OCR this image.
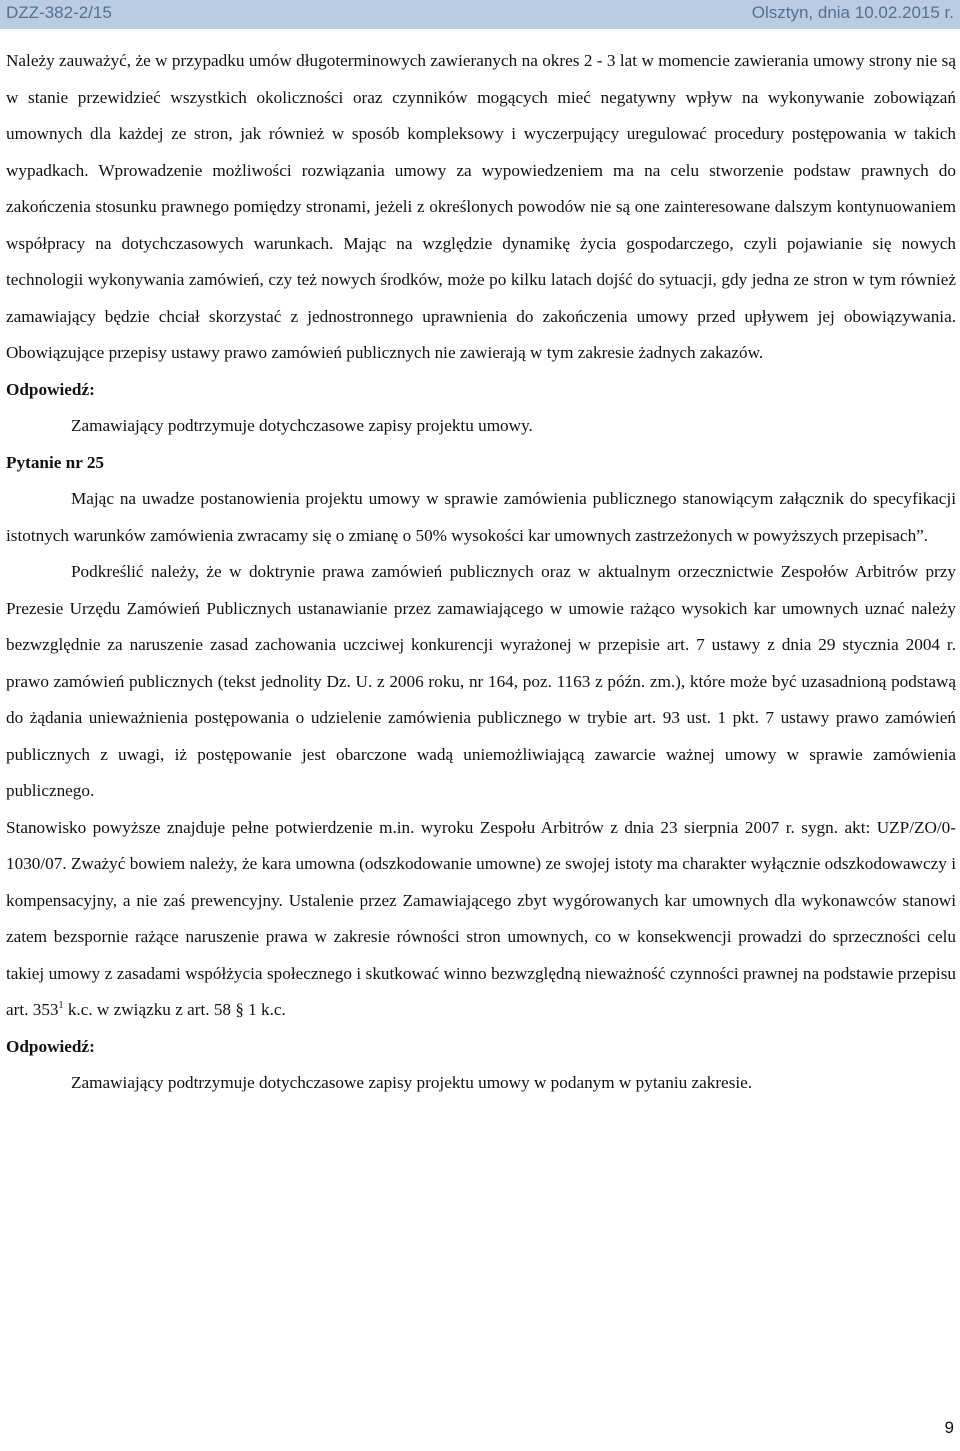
DZZ-382-2/15	Olsztyn, dnia 10.02.2015 r.

Należy zauważyć, że w przypadku umów długoterminowych zawieranych na okres 2 - 3 lat w momencie zawierania umowy strony nie są w stanie przewidzieć wszystkich okoliczności oraz czynników mogących mieć negatywny wpływ na wykonywanie zobowiązań umownych dla każdej ze stron, jak również w sposób kompleksowy i wyczerpujący uregulować procedury postępowania w takich wypadkach. Wprowadzenie możliwości rozwiązania umowy za wypowiedzeniem ma na celu stworzenie podstaw prawnych do zakończenia stosunku prawnego pomiędzy stronami, jeżeli z określonych powodów nie są one zainteresowane dalszym kontynuowaniem współpracy na dotychczasowych warunkach. Mając na względzie dynamikę życia gospodarczego, czyli pojawianie się nowych technologii wykonywania zamówień, czy też nowych środków, może po kilku latach dojść do sytuacji, gdy jedna ze stron w tym również zamawiający będzie chciał skorzystać z jednostronnego uprawnienia do zakończenia umowy przed upływem jej obowiązywania. Obowiązujące przepisy ustawy prawo zamówień publicznych nie zawierają w tym zakresie żadnych zakazów.

Odpowiedź:

Zamawiający podtrzymuje dotychczasowe zapisy projektu umowy.

Pytanie nr 25

Mając na uwadze postanowienia projektu umowy w sprawie zamówienia publicznego stanowiącym załącznik do specyfikacji istotnych warunków zamówienia zwracamy się o zmianę o 50% wysokości kar umownych zastrzeżonych w powyższych przepisach”.

Podkreślić należy, że w doktrynie prawa zamówień publicznych oraz w aktualnym orzecznictwie Zespołów Arbitrów przy Prezesie Urzędu Zamówień Publicznych ustanawianie przez zamawiającego w umowie rażąco wysokich kar umownych uznać należy bezwzględnie za naruszenie zasad zachowania uczciwej konkurencji wyrażonej w przepisie art. 7 ustawy z dnia 29 stycznia 2004 r. prawo zamówień publicznych (tekst jednolity Dz. U. z 2006 roku, nr 164, poz. 1163 z późn. zm.), które może być uzasadnioną podstawą do żądania unieważnienia postępowania o udzielenie zamówienia publicznego w trybie art. 93 ust. 1 pkt. 7 ustawy prawo zamówień publicznych z uwagi, iż postępowanie jest obarczone wadą uniemożliwiającą zawarcie ważnej umowy w sprawie zamówienia publicznego.

Stanowisko powyższe znajduje pełne potwierdzenie m.in. wyroku Zespołu Arbitrów z dnia 23 sierpnia 2007 r. sygn. akt: UZP/ZO/0-1030/07. Zważyć bowiem należy, że kara umowna (odszkodowanie umowne) ze swojej istoty ma charakter wyłącznie odszkodowawczy i kompensacyjny, a nie zaś prewencyjny. Ustalenie przez Zamawiającego zbyt wygórowanych kar umownych dla wykonawców stanowi zatem bezspornie rażące naruszenie prawa w zakresie równości stron umownych, co w konsekwencji prowadzi do sprzeczności celu takiej umowy z zasadami współżycia społecznego i skutkować winno bezwzględną nieważność czynności prawnej na podstawie przepisu art. $353^1$ k.c. w związku z art. 58 § 1 k.c.

Odpowiedź:

Zamawiający podtrzymuje dotychczasowe zapisy projektu umowy w podanym w pytaniu zakresie.

9
